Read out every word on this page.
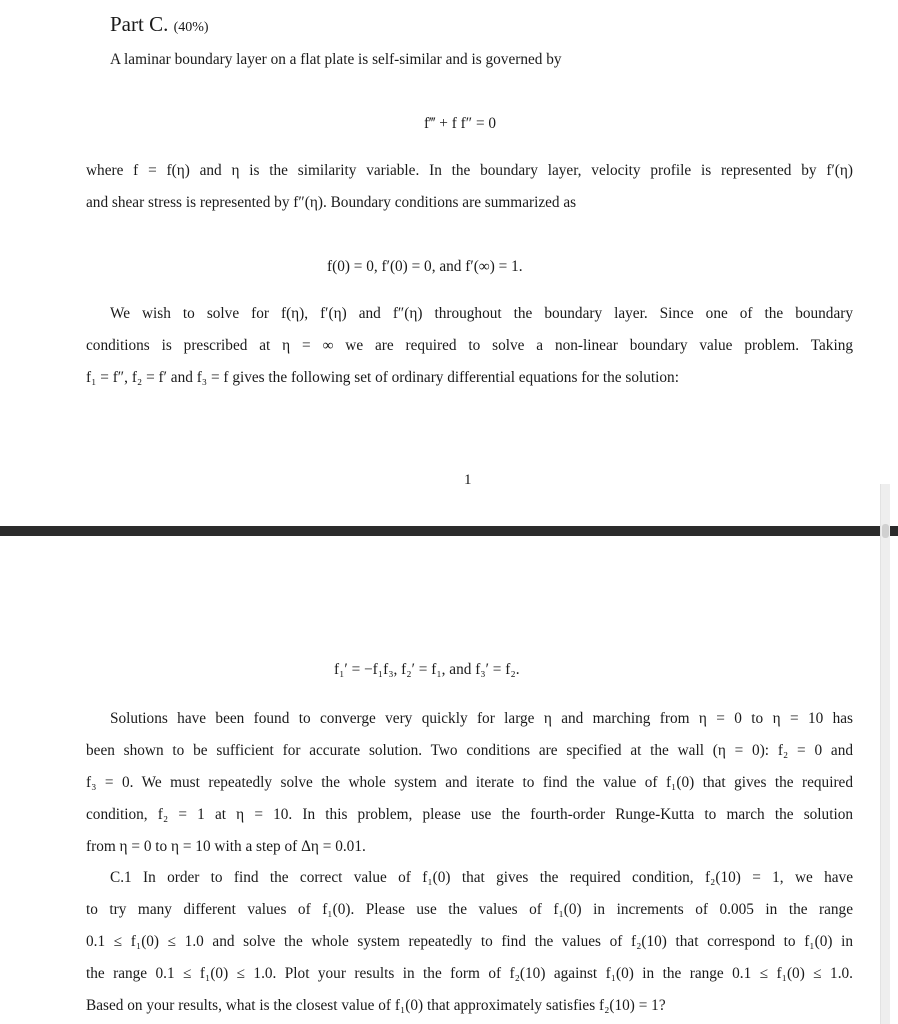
Part C. (40%)
A laminar boundary layer on a flat plate is self-similar and is governed by
f‴ + f f″ = 0
where f = f(η) and η is the similarity variable. In the boundary layer, velocity profile is represented by f′(η)
and shear stress is represented by f″(η). Boundary conditions are summarized as
f(0) = 0, f′(0) = 0, and f′(∞) = 1.
We wish to solve for f(η), f′(η) and f″(η) throughout the boundary layer. Since one of the boundary
conditions is prescribed at η = ∞ we are required to solve a non-linear boundary value problem. Taking
f₁ = f″, f₂ = f′ and f₃ = f gives the following set of ordinary differential equations for the solution:
1
f₁′ = −f₁f₃, f₂′ = f₁, and f₃′ = f₂.
Solutions have been found to converge very quickly for large η and marching from η = 0 to η = 10 has
been shown to be sufficient for accurate solution. Two conditions are specified at the wall (η = 0): f₂ = 0 and
f₃ = 0. We must repeatedly solve the whole system and iterate to find the value of f₁(0) that gives the required
condition, f₂ = 1 at η = 10. In this problem, please use the fourth-order Runge-Kutta to march the solution
from η = 0 to η = 10 with a step of Δη = 0.01.
C.1 In order to find the correct value of f₁(0) that gives the required condition, f₂(10) = 1, we have
to try many different values of f₁(0). Please use the values of f₁(0) in increments of 0.005 in the range
0.1 ≤ f₁(0) ≤ 1.0 and solve the whole system repeatedly to find the values of f₂(10) that correspond to f₁(0) in
the range 0.1 ≤ f₁(0) ≤ 1.0. Plot your results in the form of f₂(10) against f₁(0) in the range 0.1 ≤ f₁(0) ≤ 1.0.
Based on your results, what is the closest value of f₁(0) that approximately satisfies f₂(10) = 1?
